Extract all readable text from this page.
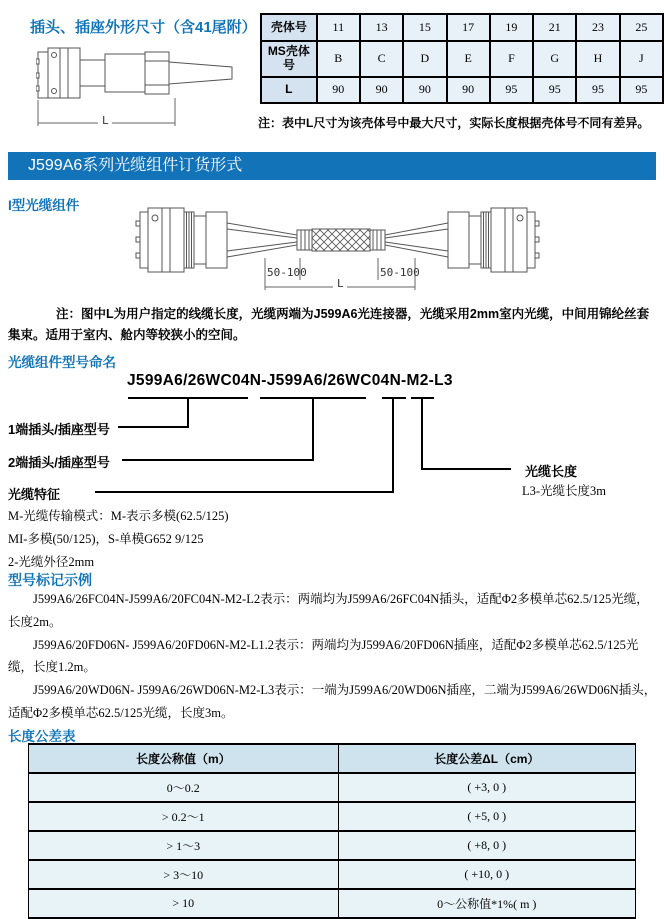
插头、插座外形尺寸（含41尾附）
L
壳体号	11	13	15	17	19	21	23	25
MS壳体号	B	C	D	E	F	G	H	J
L	90	90	90	90	95	95	95	95
注：表中L尺寸为该壳体号中最大尺寸，实际长度根据壳体号不同有差异。
J599A6系列光缆组件订货形式
I型光缆组件
50-100	50-100
L
注：图中L为用户指定的线缆长度，光缆两端为J599A6光连接器，光缆采用2mm室内光缆，中间用锦纶丝套集束。适用于室内、舱内等较狭小的空间。
光缆组件型号命名
J599A6/26WC04N-J599A6/26WC04N-M2-L3
1端插头/插座型号
2端插头/插座型号
光缆特征
光缆长度
L3-光缆长度3m
M-光缆传输模式：M-表示多模(62.5/125)
MI-多模(50/125)，S-单模G652 9/125
2-光缆外径2mm
型号标记示例

J599A6/26FC04N-J599A6/20FC04N-M2-L2表示：两端均为J599A6/26FC04N插头，适配Φ2多模单芯62.5/125光缆，长度2m。

J599A6/20FD06N- J599A6/20FD06N-M2-L1.2表示：两端均为J599A6/20FD06N插座，适配Φ2多模单芯62.5/125光缆，长度1.2m。

J599A6/20WD06N- J599A6/26WD06N-M2-L3表示：一端为J599A6/20WD06N插座，二端为J599A6/26WD06N插头，适配Φ2多模单芯62.5/125光缆，长度3m。

长度公差表
长度公称值（m）	长度公差ΔL（cm）
0～0.2	( +3, 0 )
> 0.2～1	( +5, 0 )
> 1～3	( +8, 0 )
> 3～10	( +10, 0 )
> 10	0～公称值*1%( m )
